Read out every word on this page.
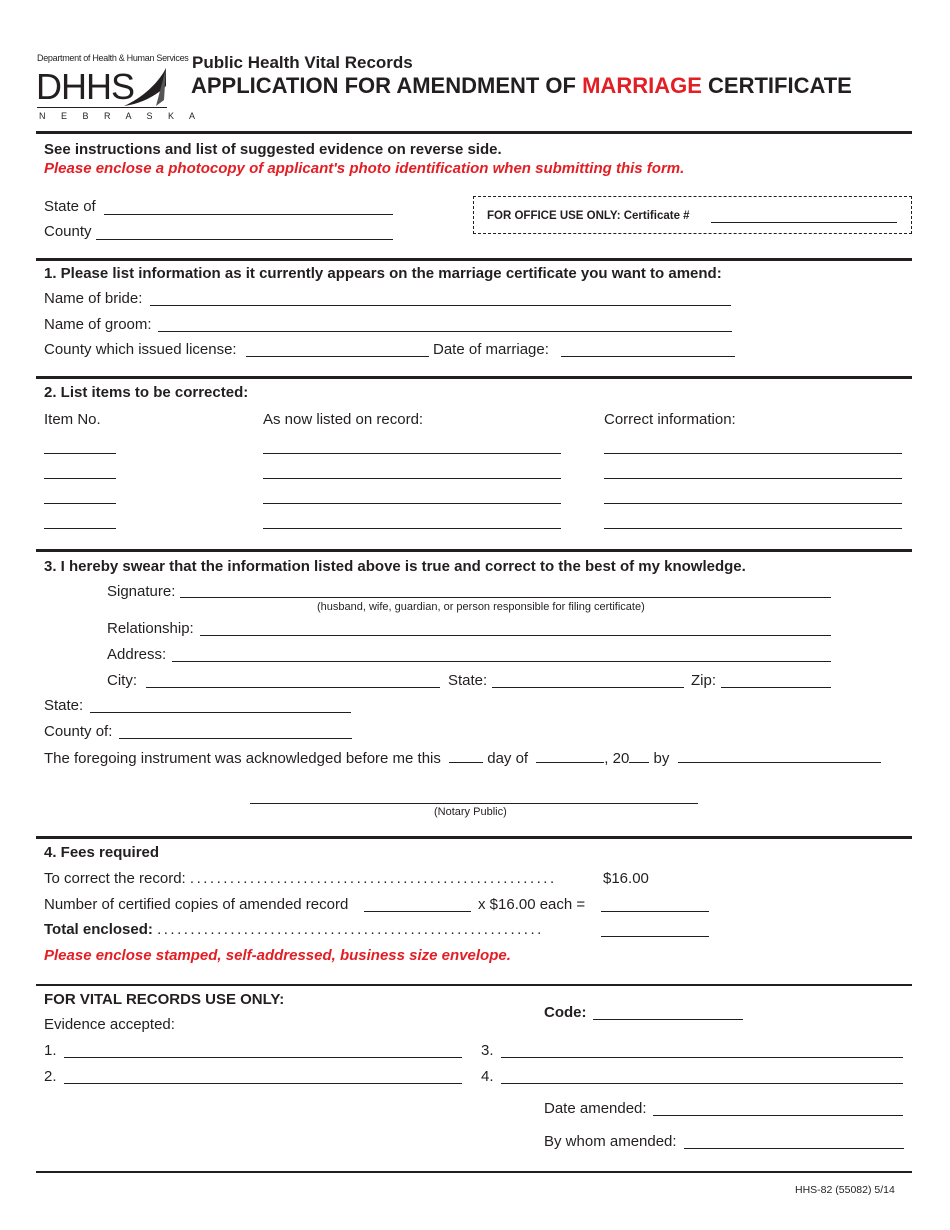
Department of Health & Human Services
DHHS
N E B R A S K A
Public Health Vital Records
APPLICATION FOR AMENDMENT OF MARRIAGE CERTIFICATE
See instructions and list of suggested evidence on reverse side.
Please enclose a photocopy of applicant's photo identification when submitting this form.
State of
County
FOR OFFICE USE ONLY: Certificate #
1. Please list information as it currently appears on the marriage certificate you want to amend:
Name of bride:
Name of groom:
County which issued license:	Date of marriage:
2. List items to be corrected:
Item No.	As now listed on record:	Correct information:
3. I hereby swear that the information listed above is true and correct to the best of my knowledge.
Signature:
(husband, wife, guardian, or person responsible for filing certificate)
Relationship:
Address:
City:	State:	Zip:
State:
County of:
The foregoing instrument was acknowledged before me this	day of	, 20 by
(Notary Public)
4. Fees required
To correct the record: .......................................................	$16.00
Number of certified copies of amended record	x $16.00 each =
Total enclosed: ..........................................................
Please enclose stamped, self-addressed, business size envelope.
FOR VITAL RECORDS USE ONLY:
Code:
Evidence accepted:
1.	3.
2.	4.
Date amended:
By whom amended:
HHS-82 (55082) 5/14
